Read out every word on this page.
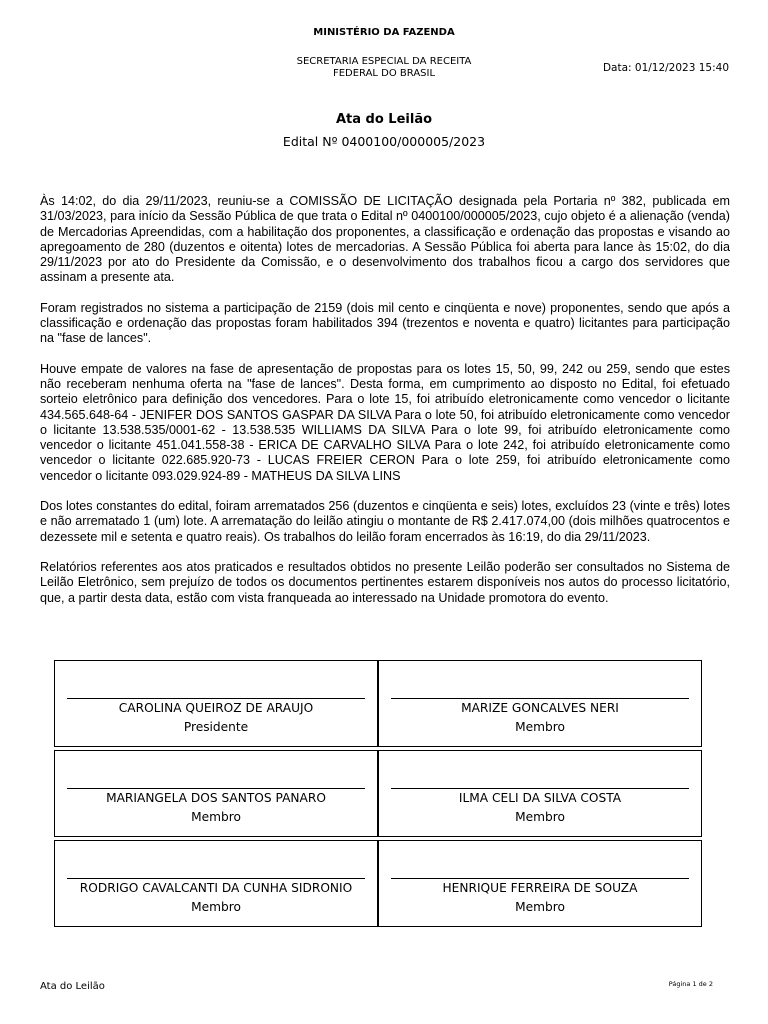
MINISTÉRIO DA FAZENDA
SECRETARIA ESPECIAL DA RECEITA
FEDERAL DO BRASIL	Data: 01/12/2023 15:40
Ata do Leilão
Edital Nº 0400100/000005/2023

Às 14:02, do dia 29/11/2023, reuniu-se a COMISSÃO DE LICITAÇÃO designada pela Portaria nº 382, publicada em 31/03/2023, para início da Sessão Pública de que trata o Edital nº 0400100/000005/2023, cujo objeto é a alienação (venda) de Mercadorias Apreendidas, com a habilitação dos proponentes, a classificação e ordenação das propostas e visando ao apregoamento de 280 (duzentos e oitenta) lotes de mercadorias. A Sessão Pública foi aberta para lance às 15:02, do dia 29/11/2023 por ato do Presidente da Comissão, e o desenvolvimento dos trabalhos ficou a cargo dos servidores que assinam a presente ata.

Foram registrados no sistema a participação de 2159 (dois mil cento e cinqüenta e nove) proponentes, sendo que após a classificação e ordenação das propostas foram habilitados 394 (trezentos e noventa e quatro) licitantes para participação na "fase de lances".

Houve empate de valores na fase de apresentação de propostas para os lotes 15, 50, 99, 242 ou 259, sendo que estes não receberam nenhuma oferta na "fase de lances". Desta forma, em cumprimento ao disposto no Edital, foi efetuado sorteio eletrônico para definição dos vencedores. Para o lote 15, foi atribuído eletronicamente como vencedor o licitante 434.565.648-64 - JENIFER DOS SANTOS GASPAR DA SILVA Para o lote 50, foi atribuído eletronicamente como vencedor o licitante 13.538.535/0001-62 - 13.538.535 WILLIAMS DA SILVA Para o lote 99, foi atribuído eletronicamente como vencedor o licitante 451.041.558-38 - ERICA DE CARVALHO SILVA Para o lote 242, foi atribuído eletronicamente como vencedor o licitante 022.685.920-73 - LUCAS FREIER CERON Para o lote 259, foi atribuído eletronicamente como vencedor o licitante 093.029.924-89 - MATHEUS DA SILVA LINS

Dos lotes constantes do edital, foiram arrematados 256 (duzentos e cinqüenta e seis) lotes, excluídos 23 (vinte e três) lotes e não arrematado 1 (um) lote. A arrematação do leilão atingiu o montante de R$ 2.417.074,00 (dois milhões quatrocentos e dezessete mil e setenta e quatro reais). Os trabalhos do leilão foram encerrados às 16:19, do dia 29/11/2023.

Relatórios referentes aos atos praticados e resultados obtidos no presente Leilão poderão ser consultados no Sistema de Leilão Eletrônico, sem prejuízo de todos os documentos pertinentes estarem disponíveis nos autos do processo licitatório, que, a partir desta data, estão com vista franqueada ao interessado na Unidade promotora do evento.

CAROLINA QUEIROZ DE ARAUJO
Presidente
MARIZE GONCALVES NERI
Membro
MARIANGELA DOS SANTOS PANARO
Membro
ILMA CELI DA SILVA COSTA
Membro
RODRIGO CAVALCANTI DA CUNHA SIDRONIO
Membro
HENRIQUE FERREIRA DE SOUZA
Membro
Ata do Leilão	Página 1 de 2
